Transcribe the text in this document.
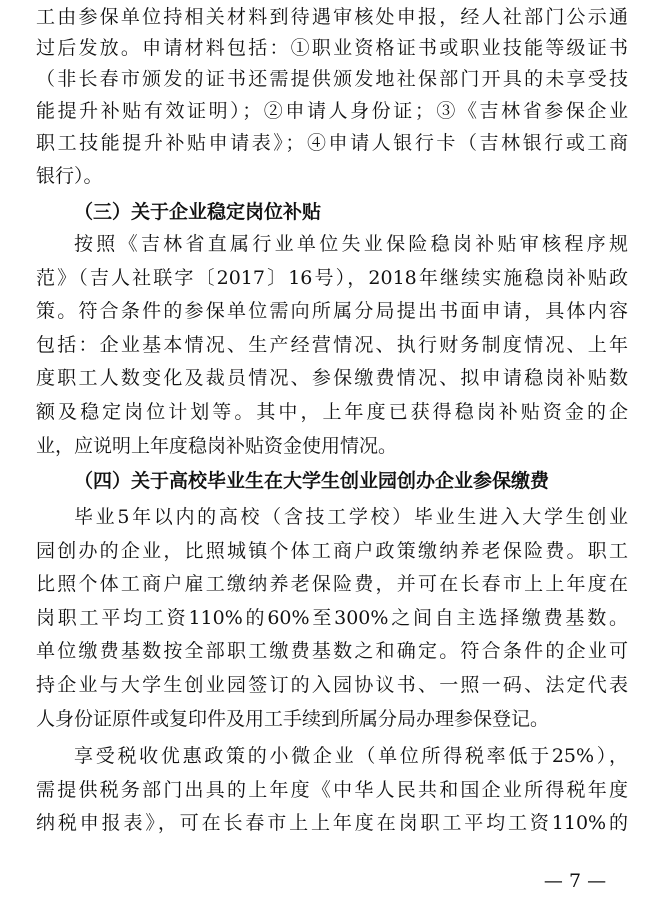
工由参保单位持相关材料到待遇审核处申报，经人社部门公示通
过后发放。申请材料包括：①职业资格证书或职业技能等级证书
（非长春市颁发的证书还需提供颁发地社保部门开具的未享受技
能提升补贴有效证明）；②申请人身份证；③《吉林省参保企业
职工技能提升补贴申请表》；④申请人银行卡（吉林银行或工商
银行）。
（三）关于企业稳定岗位补贴
按照《吉林省直属行业单位失业保险稳岗补贴审核程序规
范》（吉人社联字〔2017〕16号），2018年继续实施稳岗补贴政
策。符合条件的参保单位需向所属分局提出书面申请，具体内容
包括：企业基本情况、生产经营情况、执行财务制度情况、上年
度职工人数变化及裁员情况、参保缴费情况、拟申请稳岗补贴数
额及稳定岗位计划等。其中，上年度已获得稳岗补贴资金的企
业，应说明上年度稳岗补贴资金使用情况。
（四）关于高校毕业生在大学生创业园创办企业参保缴费
毕业5年以内的高校（含技工学校）毕业生进入大学生创业
园创办的企业，比照城镇个体工商户政策缴纳养老保险费。职工
比照个体工商户雇工缴纳养老保险费，并可在长春市上上年度在
岗职工平均工资110%的60%至300%之间自主选择缴费基数。
单位缴费基数按全部职工缴费基数之和确定。符合条件的企业可
持企业与大学生创业园签订的入园协议书、一照一码、法定代表
人身份证原件或复印件及用工手续到所属分局办理参保登记。
享受税收优惠政策的小微企业（单位所得税率低于25%），
需提供税务部门出具的上年度《中华人民共和国企业所得税年度
纳税申报表》，可在长春市上上年度在岗职工平均工资110%的
— 7 —
